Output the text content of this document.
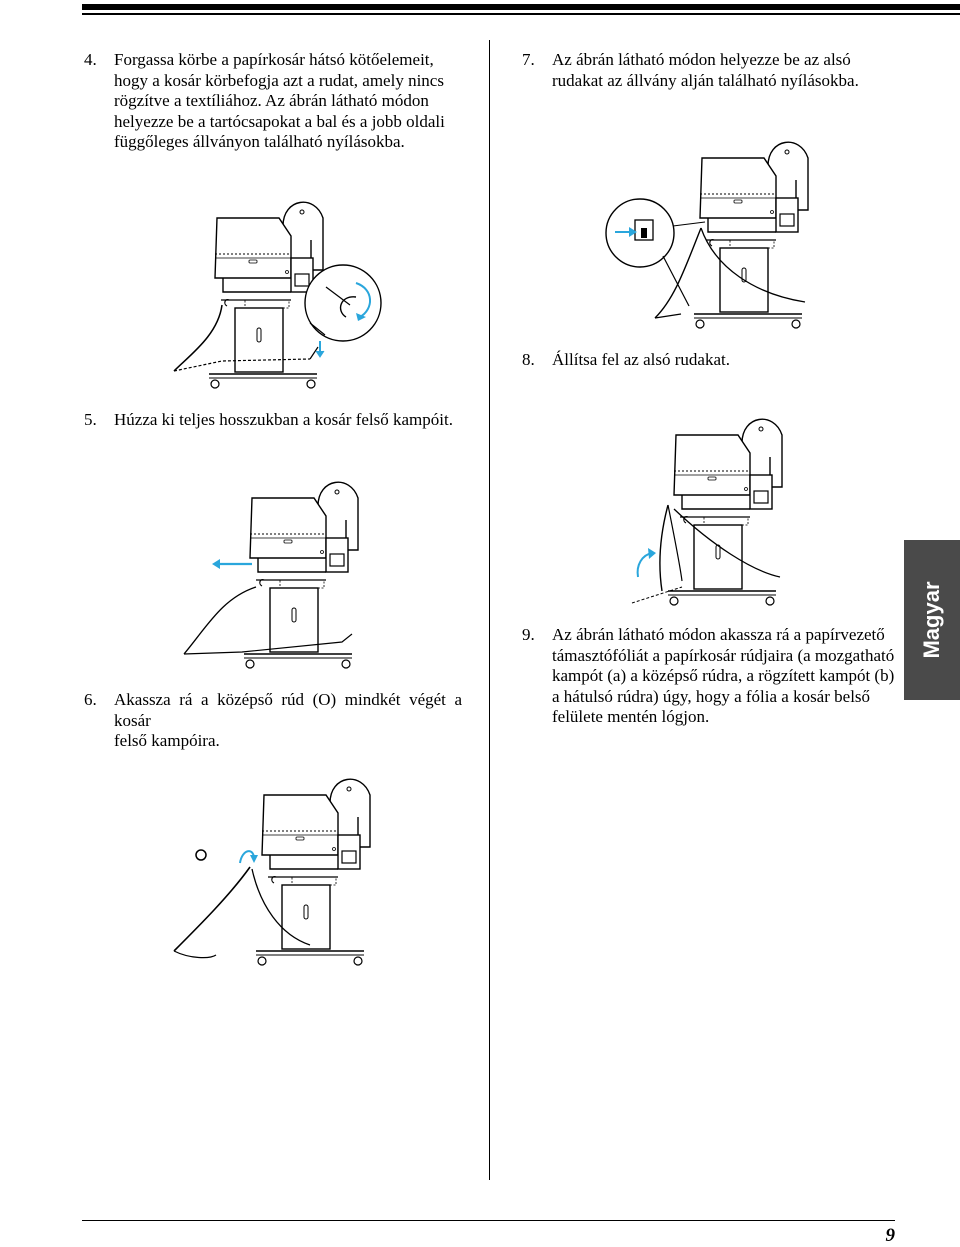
4. Forgassa körbe a papírkosár hátsó kötőelemeit,
hogy a kosár körbefogja azt a rudat, amely nincs
rögzítve a textíliához. Az ábrán látható módon
helyezze be a tartócsapokat a bal és a jobb oldali
függőleges állványon található nyílásokba.
5. Húzza ki teljes hosszukban a kosár felső kampóit.
6. Akassza rá a középső rúd (O) mindkét végét a kosár
felső kampóira.
7. Az ábrán látható módon helyezze be az alsó
rudakat az állvány alján található nyílásokba.
8. Állítsa fel az alsó rudakat.
9. Az ábrán látható módon akassza rá a papírvezető
támasztófóliát a papírkosár rúdjaira (a mozgatható
kampót (a) a középső rúdra, a rögzített kampót (b)
a hátulsó rúdra) úgy, hogy a fólia a kosár belső
felülete mentén lógjon.
Magyar
9
